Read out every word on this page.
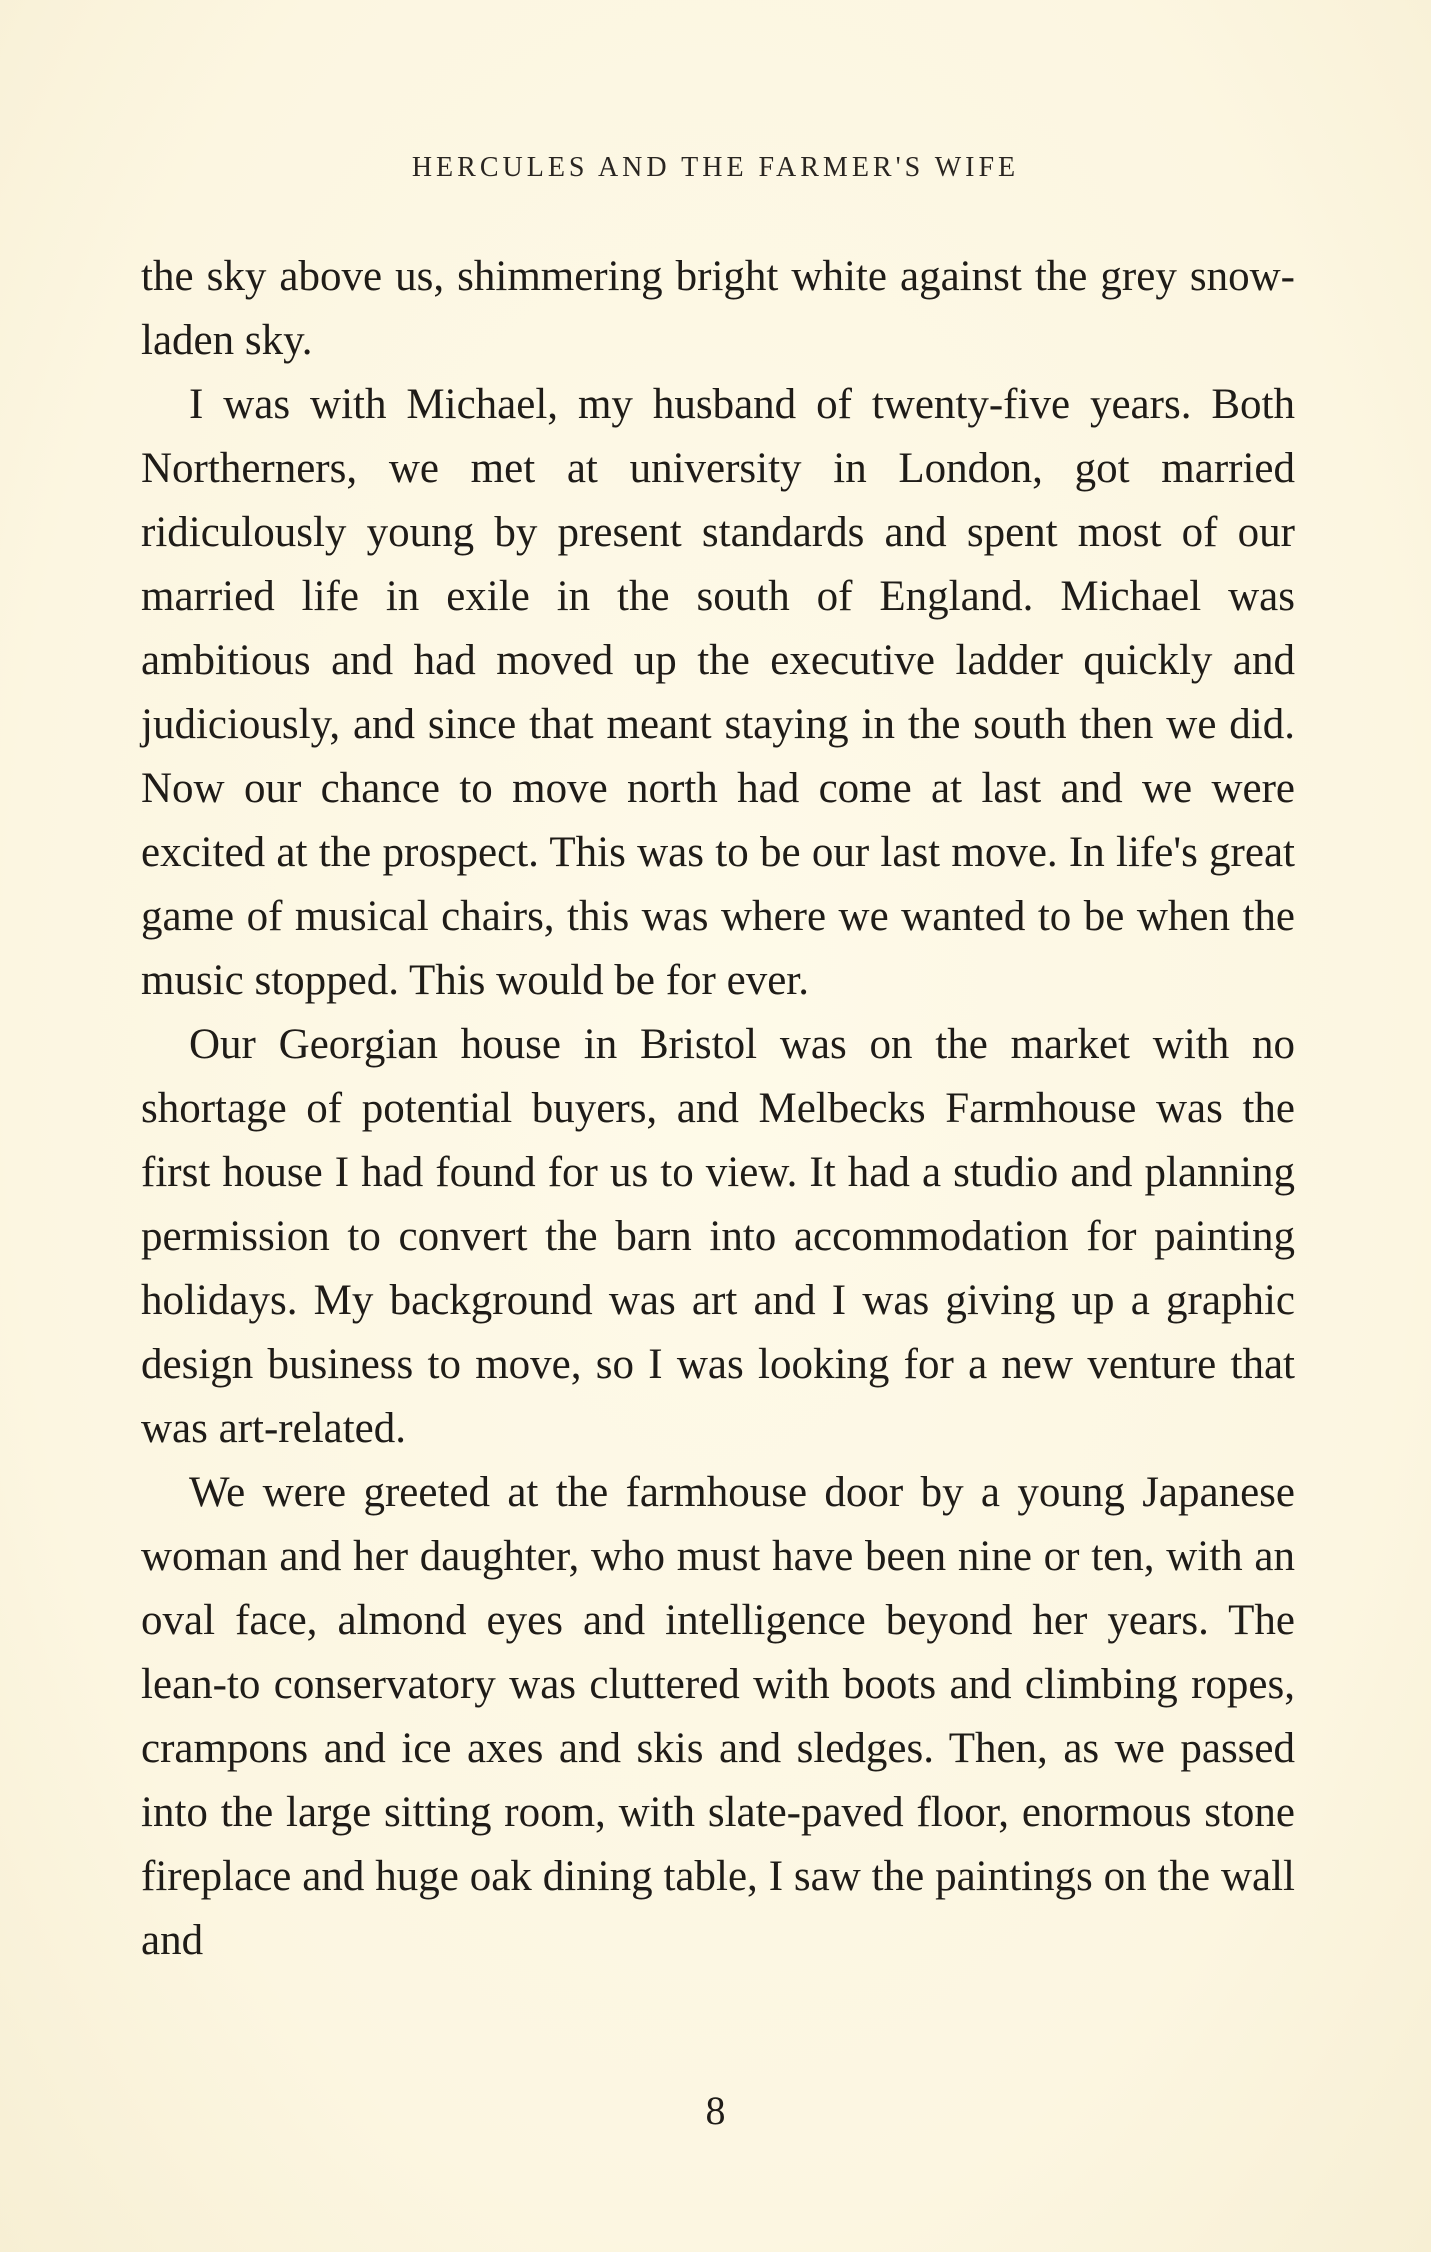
HERCULES AND THE FARMER'S WIFE

the sky above us, shimmering bright white against the grey snow-laden sky.

I was with Michael, my husband of twenty-five years. Both Northerners, we met at university in London, got married ridiculously young by present standards and spent most of our married life in exile in the south of England. Michael was ambitious and had moved up the executive ladder quickly and judiciously, and since that meant staying in the south then we did. Now our chance to move north had come at last and we were excited at the prospect. This was to be our last move. In life's great game of musical chairs, this was where we wanted to be when the music stopped. This would be for ever.

Our Georgian house in Bristol was on the market with no shortage of potential buyers, and Melbecks Farmhouse was the first house I had found for us to view. It had a studio and planning permission to convert the barn into accommodation for painting holidays. My background was art and I was giving up a graphic design business to move, so I was looking for a new venture that was art-related.

We were greeted at the farmhouse door by a young Japanese woman and her daughter, who must have been nine or ten, with an oval face, almond eyes and intelligence beyond her years. The lean-to conservatory was cluttered with boots and climbing ropes, crampons and ice axes and skis and sledges. Then, as we passed into the large sitting room, with slate-paved floor, enormous stone fireplace and huge oak dining table, I saw the paintings on the wall and

8
